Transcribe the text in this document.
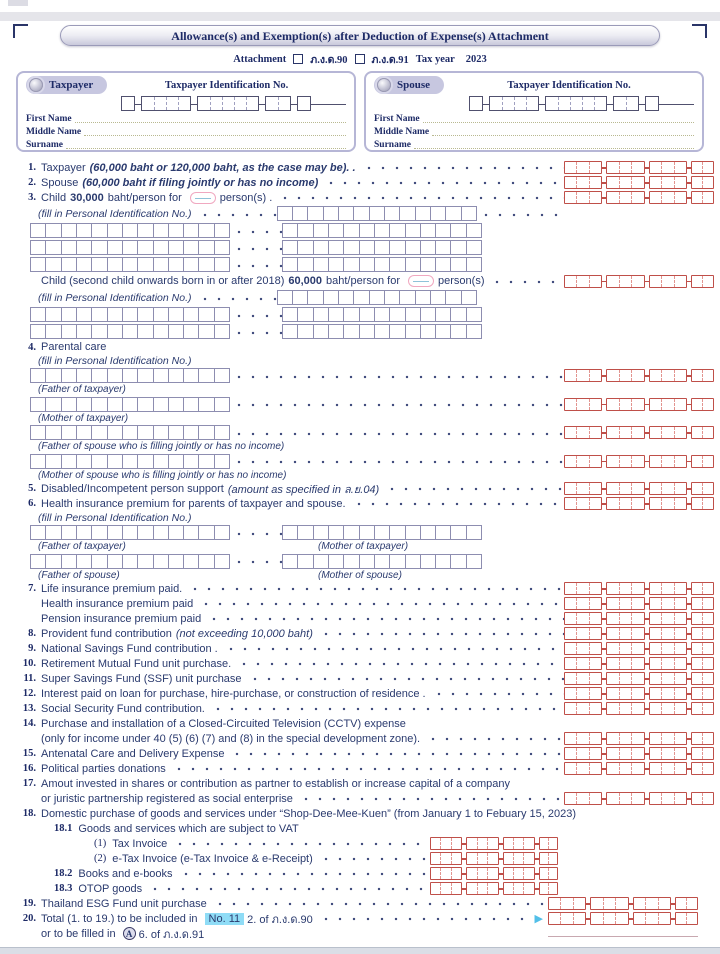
Allowance(s) and Exemption(s) after Deduction of Expense(s) Attachment
Attachment ภ.ง.ด.90 ภ.ง.ด.91 Tax year 2023
Taxpayer	Taxpayer Identification No.
First Name
Middle Name
Surname
Spouse	Taxpayer Identification No.
First Name
Middle Name
Surname
1. Taxpayer (60,000 baht or 120,000 baht, as the case may be). .
2. Spouse (60,000 baht if filing jointly or has no income)
3. Child 30,000 baht/person for	person(s) .
(fill in Personal Identification No.)
Child (second child onwards born in or after 2018) 60,000 baht/person for	person(s)
(fill in Personal Identification No.)
4. Parental care
(fill in Personal Identification No.)
(Father of taxpayer)
(Mother of taxpayer)
(Father of spouse who is filling jointly or has no income)
(Mother of spouse who is filling jointly or has no income)
5. Disabled/Incompetent person support (amount as specified in ล.ย.04)
6. Health insurance premium for parents of taxpayer and spouse.
(fill in Personal Identification No.)
(Father of taxpayer)	(Mother of taxpayer)
(Father of spouse)	(Mother of spouse)
7. Life insurance premium paid.
Health insurance premium paid
Pension insurance premium paid
8. Provident fund contribution (not exceeding 10,000 baht)
9. National Savings Fund contribution .
10. Retirement Mutual Fund unit purchase.
11. Super Savings Fund (SSF) unit purchase
12. Interest paid on loan for purchase, hire-purchase, or construction of residence .
13. Social Security Fund contribution.
14. Purchase and installation of a Closed-Circuited Television (CCTV) expense
(only for income under 40 (5) (6) (7) and (8) in the special development zone).
15. Antenatal Care and Delivery Expense
16. Political parties donations
17. Amout invested in shares or contribution as partner to establish or increase capital of a company
or juristic partnership registered as social enterprise
18. Domestic purchase of goods and services under “Shop-Dee-Mee-Kuen” (from January 1 to Febuary 15, 2023)
18.1 Goods and services which are subject to VAT
(1) Tax Invoice
(2) e-Tax Invoice (e-Tax Invoice & e-Receipt)
18.2 Books and e-books
18.3 OTOP goods
19. Thailand ESG Fund unit purchase
20. Total (1. to 19.) to be included in	No. 11 2. of ภ.ง.ด.90	▶
or to be filled in	A 6. of ภ.ง.ด.91
